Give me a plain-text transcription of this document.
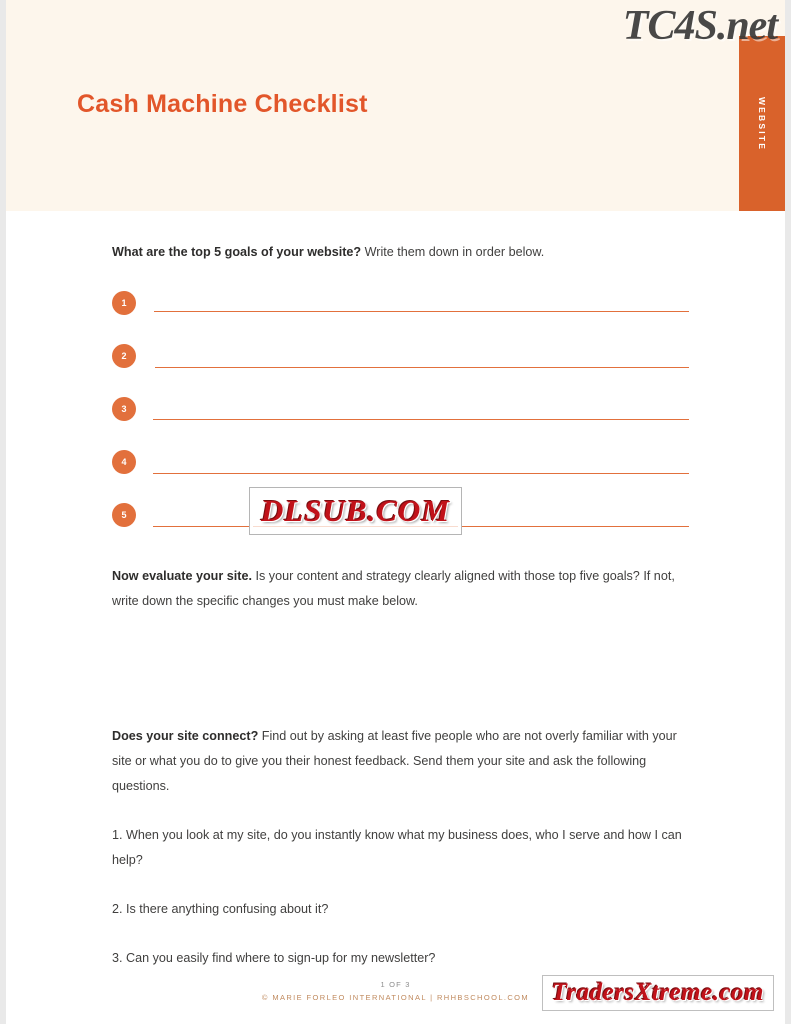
Cash Machine Checklist	WEBSITE
TC4S.net

What are the top 5 goals of your website? Write them down in order below.

1
2
3
4
5

Now evaluate your site. Is your content and strategy clearly aligned with those top five goals? If not, write down the specific changes you must make below.

Does your site connect? Find out by asking at least five people who are not overly familiar with your site or what you do to give you their honest feedback. Send them your site and ask the following questions.

1. When you look at my site, do you instantly know what my business does, who I serve and how I can help?

2. Is there anything confusing about it?

3. Can you easily find where to sign-up for my newsletter?

DLSUB.COM
1 OF 3
© MARIE FORLEO INTERNATIONAL | RHHBSCHOOL.COM TradersXtreme.com
